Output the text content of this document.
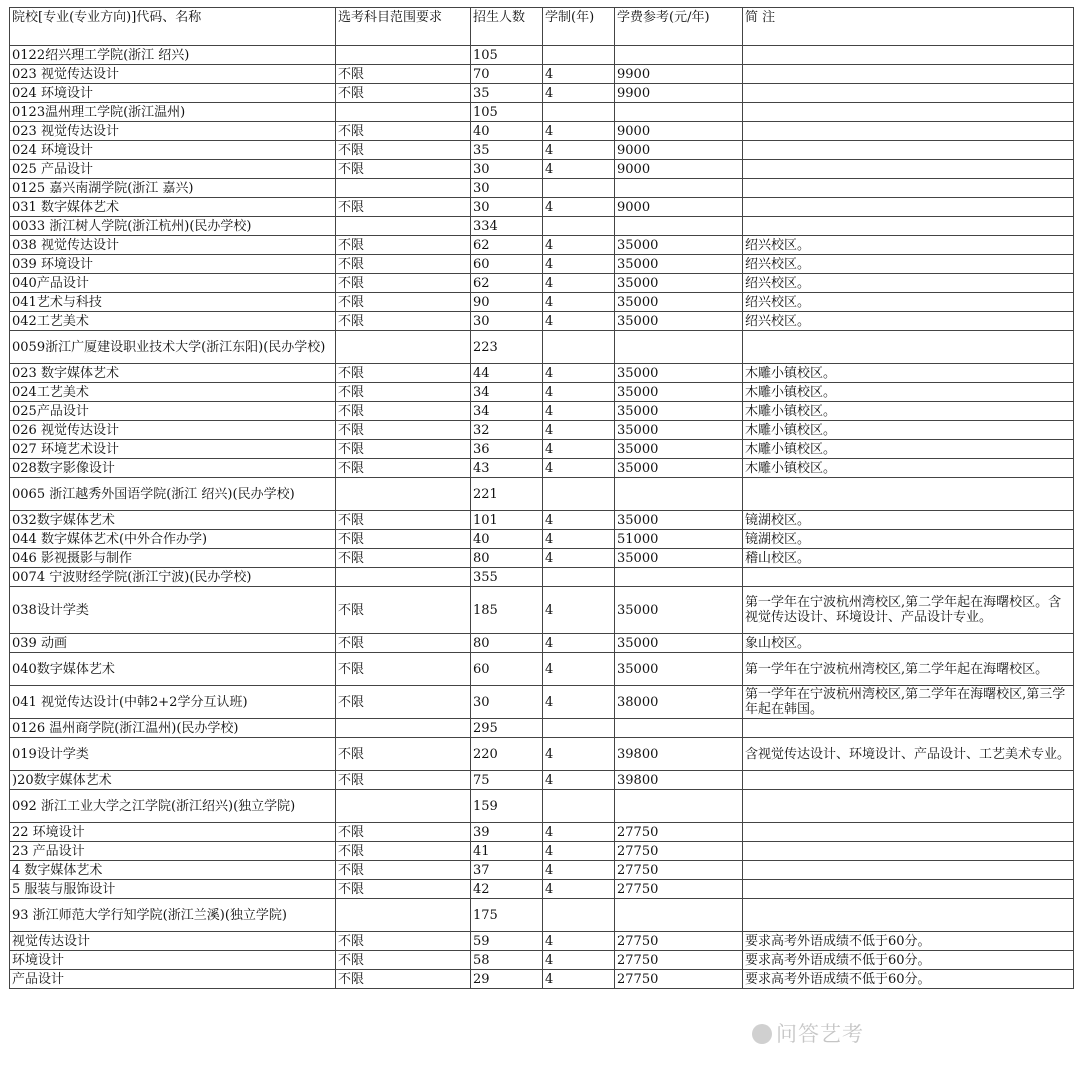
院校[专业(专业方向)]代码、名称	选考科目范围要求	招生人数	学制(年)	学费参考(元/年)	简 注
0122绍兴理工学院(浙江 绍兴)		105			
023 视觉传达设计	不限	70	4	9900	
024 环境设计	不限	35	4	9900	
0123温州理工学院(浙江温州)		105			
023 视觉传达设计	不限	40	4	9000	
024 环境设计	不限	35	4	9000	
025 产品设计	不限	30	4	9000	
0125 嘉兴南湖学院(浙江 嘉兴)		30			
031 数字媒体艺术	不限	30	4	9000	
0033 浙江树人学院(浙江杭州)(民办学校)		334			
038 视觉传达设计	不限	62	4	35000	绍兴校区。
039 环境设计	不限	60	4	35000	绍兴校区。
040产品设计	不限	62	4	35000	绍兴校区。
041艺术与科技	不限	90	4	35000	绍兴校区。
042工艺美术	不限	30	4	35000	绍兴校区。
0059浙江广厦建设职业技术大学(浙江东阳)(民办学校)		223			
023 数字媒体艺术	不限	44	4	35000	木雕小镇校区。
024工艺美术	不限	34	4	35000	木雕小镇校区。
025产品设计	不限	34	4	35000	木雕小镇校区。
026 视觉传达设计	不限	32	4	35000	木雕小镇校区。
027 环境艺术设计	不限	36	4	35000	木雕小镇校区。
028数字影像设计	不限	43	4	35000	木雕小镇校区。
0065 浙江越秀外国语学院(浙江 绍兴)(民办学校)		221			
032数字媒体艺术	不限	101	4	35000	镜湖校区。
044 数字媒体艺术(中外合作办学)	不限	40	4	51000	镜湖校区。
046 影视摄影与制作	不限	80	4	35000	稽山校区。
0074 宁波财经学院(浙江宁波)(民办学校)		355			
038设计学类	不限	185	4	35000	第一学年在宁波杭州湾校区,第二学年起在海曙校区。含视觉传达设计、环境设计、产品设计专业。
039 动画	不限	80	4	35000	象山校区。
040数字媒体艺术	不限	60	4	35000	第一学年在宁波杭州湾校区,第二学年起在海曙校区。
041 视觉传达设计(中韩2+2学分互认班)	不限	30	4	38000	第一学年在宁波杭州湾校区,第二学年在海曙校区,第三学年起在韩国。
0126 温州商学院(浙江温州)(民办学校)		295			
019设计学类	不限	220	4	39800	含视觉传达设计、环境设计、产品设计、工艺美术专业。
)20数字媒体艺术	不限	75	4	39800	
092 浙江工业大学之江学院(浙江绍兴)(独立学院)		159			
22 环境设计	不限	39	4	27750	
23 产品设计	不限	41	4	27750	
4 数字媒体艺术	不限	37	4	27750	
5 服装与服饰设计	不限	42	4	27750	
93 浙江师范大学行知学院(浙江兰溪)(独立学院)		175			
视觉传达设计	不限	59	4	27750	要求高考外语成绩不低于60分。
环境设计	不限	58	4	27750	要求高考外语成绩不低于60分。
产品设计	不限	29	4	27750	要求高考外语成绩不低于60分。
问答艺考
